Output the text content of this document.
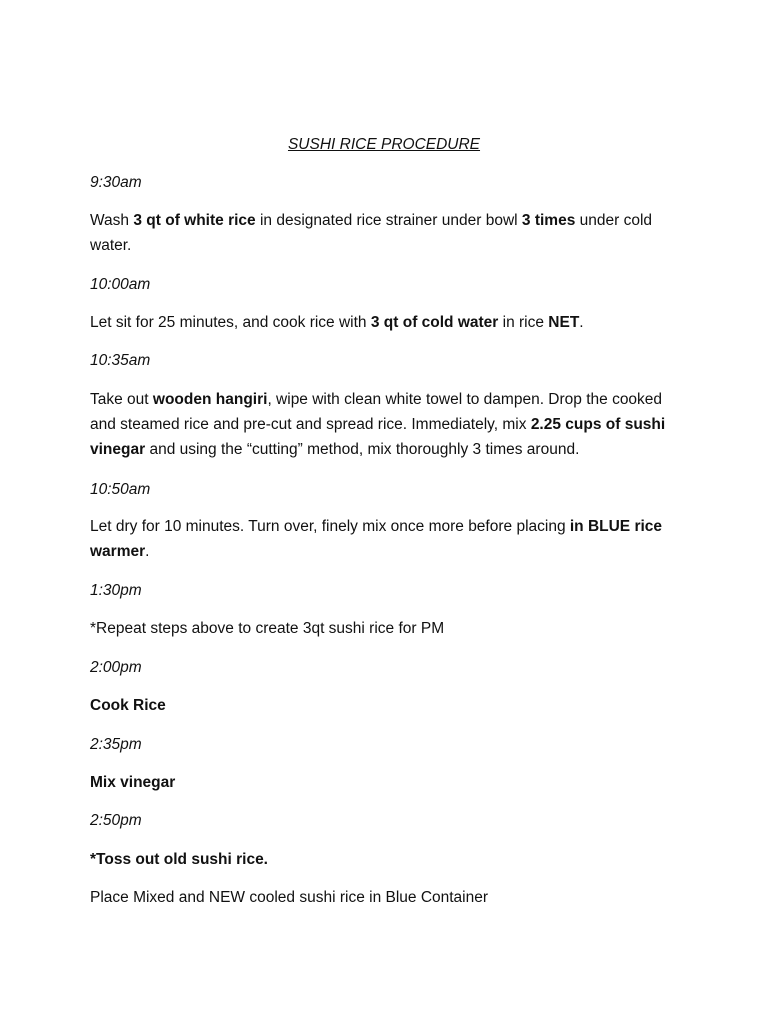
SUSHI RICE PROCEDURE
9:30am
Wash 3 qt of white rice in designated rice strainer under bowl 3 times under cold water.
10:00am
Let sit for 25 minutes, and cook rice with 3 qt of cold water in rice NET.
10:35am
Take out wooden hangiri, wipe with clean white towel to dampen. Drop the cooked and steamed rice and pre-cut and spread rice. Immediately, mix 2.25 cups of sushi vinegar and using the “cutting” method, mix thoroughly 3 times around.
10:50am
Let dry for 10 minutes. Turn over, finely mix once more before placing in BLUE rice warmer.
1:30pm
*Repeat steps above to create 3qt sushi rice for PM
2:00pm
Cook Rice
2:35pm
Mix vinegar
2:50pm
*Toss out old sushi rice.
Place Mixed and NEW cooled sushi rice in Blue Container
